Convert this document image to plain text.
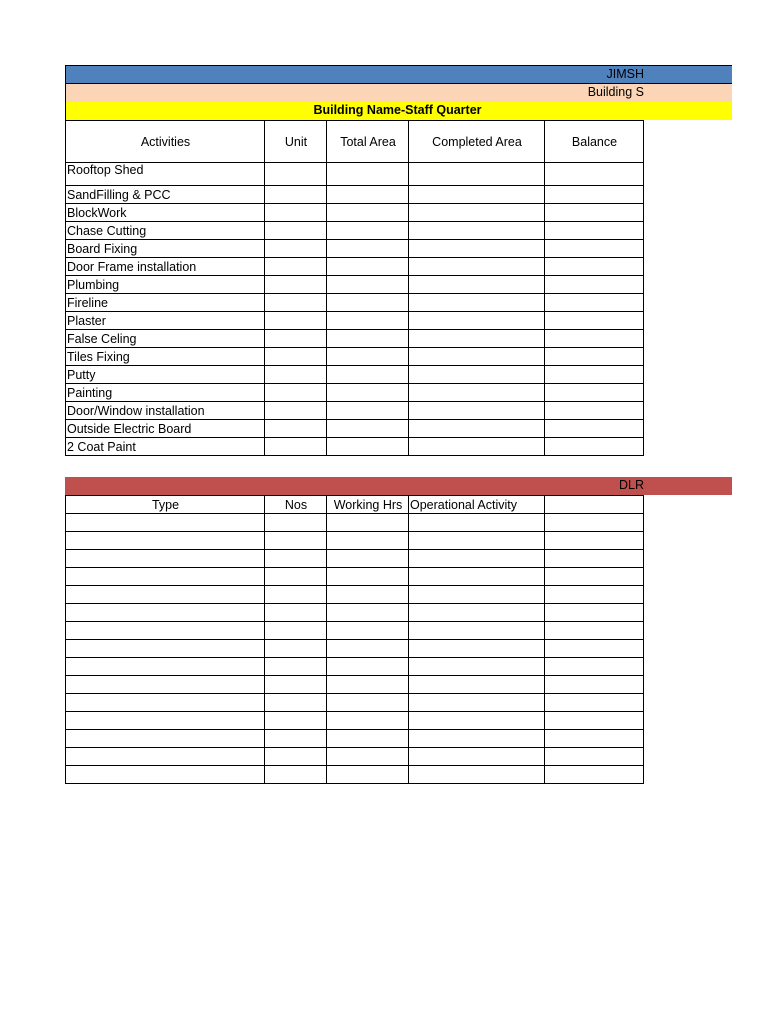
JIMSH
Building S
Building Name-Staff Quarter
Activities	Unit	Total Area	Completed Area	Balance
Rooftop Shed				
SandFilling & PCC				
BlockWork				
Chase Cutting				
Board Fixing				
Door Frame installation				
Plumbing				
Fireline				
Plaster				
False Celing				
Tiles Fixing				
Putty				
Painting				
Door/Window installation				
Outside Electric Board				
2 Coat Paint				
DLR
Type	Nos	Working Hrs	Operational Activity	
